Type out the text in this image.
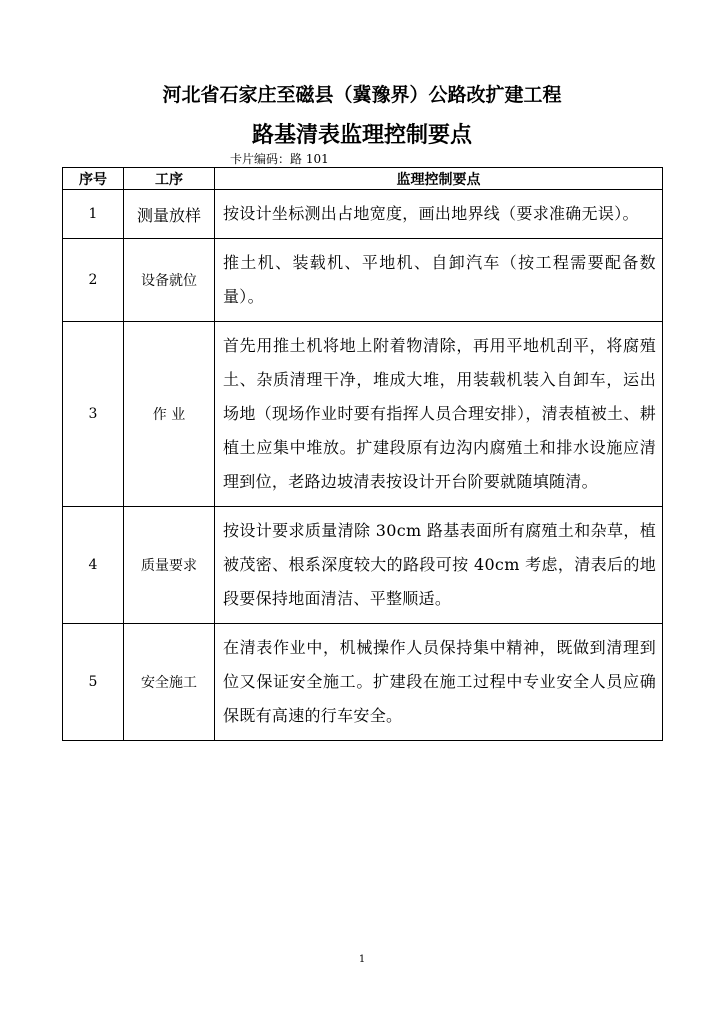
河北省石家庄至磁县（冀豫界）公路改扩建工程
路基清表监理控制要点
卡片编码：路 101
序号	工序	监理控制要点
1	测量放样	按设计坐标测出占地宽度，画出地界线（要求准确无误）。
2	设备就位	推土机、装载机、平地机、自卸汽车（按工程需要配备数量）。
3	作 业	首先用推土机将地上附着物清除，再用平地机刮平，将腐殖土、杂质清理干净，堆成大堆，用装载机装入自卸车，运出场地（现场作业时要有指挥人员合理安排），清表植被土、耕植土应集中堆放。扩建段原有边沟内腐殖土和排水设施应清理到位，老路边坡清表按设计开台阶要就随填随清。
4	质量要求	按设计要求质量清除 30cm 路基表面所有腐殖土和杂草，植被茂密、根系深度较大的路段可按 40cm 考虑，清表后的地段要保持地面清洁、平整顺适。
5	安全施工	在清表作业中，机械操作人员保持集中精神，既做到清理到位又保证安全施工。扩建段在施工过程中专业安全人员应确保既有高速的行车安全。
1
